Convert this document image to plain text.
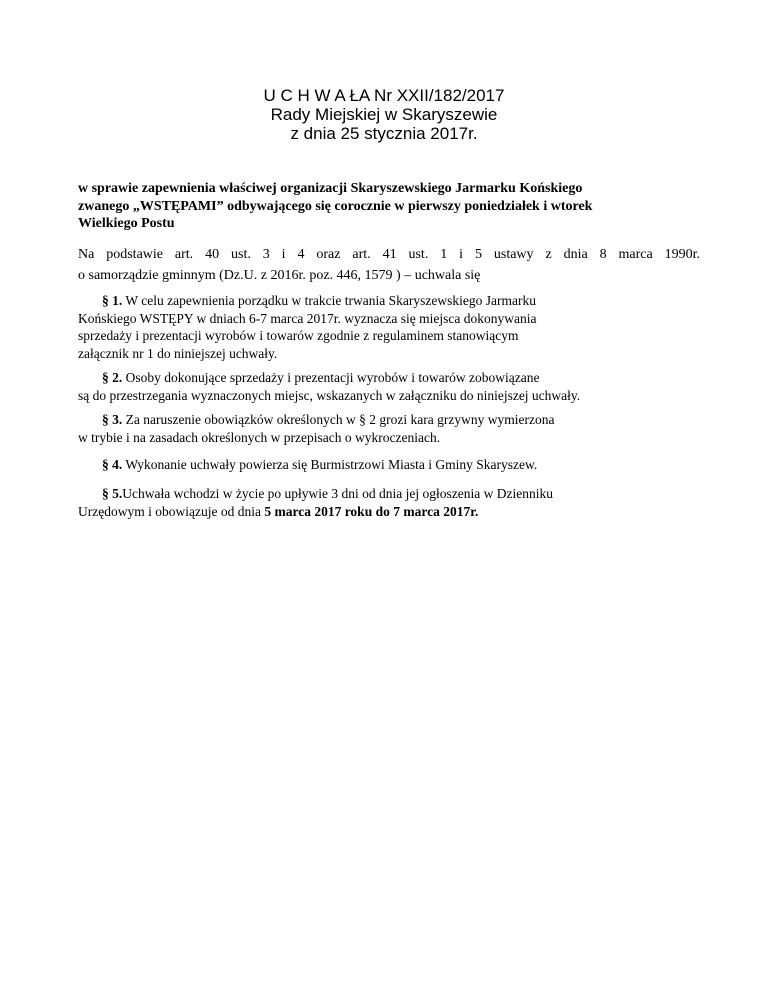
U C H W A ŁA Nr XXII/182/2017
Rady Miejskiej w Skaryszewie
z dnia 25 stycznia 2017r.
w sprawie zapewnienia właściwej organizacji Skaryszewskiego Jarmarku Końskiego
zwanego „WSTĘPAMI” odbywającego się corocznie w pierwszy poniedziałek i wtorek
Wielkiego Postu
Na podstawie art. 40 ust. 3 i 4 oraz art. 41 ust. 1 i 5 ustawy z dnia 8 marca 1990r.
o samorządzie gminnym (Dz.U. z 2016r. poz. 446, 1579 ) – uchwala się
§ 1. W celu zapewnienia porządku w trakcie trwania Skaryszewskiego Jarmarku
Końskiego WSTĘPY w dniach 6-7 marca 2017r. wyznacza się miejsca dokonywania
sprzedaży i prezentacji wyrobów i towarów zgodnie z regulaminem stanowiącym
załącznik nr 1 do niniejszej uchwały.
§ 2. Osoby dokonujące sprzedaży i prezentacji wyrobów i towarów zobowiązane
są do przestrzegania wyznaczonych miejsc, wskazanych w załączniku do niniejszej uchwały.
§ 3. Za naruszenie obowiązków określonych w § 2 grozi kara grzywny wymierzona
w trybie i na zasadach określonych w przepisach o wykroczeniach.
§ 4. Wykonanie uchwały powierza się Burmistrzowi Miasta i Gminy Skaryszew.
§ 5.Uchwała wchodzi w życie po upływie 3 dni od dnia jej ogłoszenia w Dzienniku
Urzędowym i obowiązuje od dnia 5 marca 2017 roku do 7 marca 2017r.
